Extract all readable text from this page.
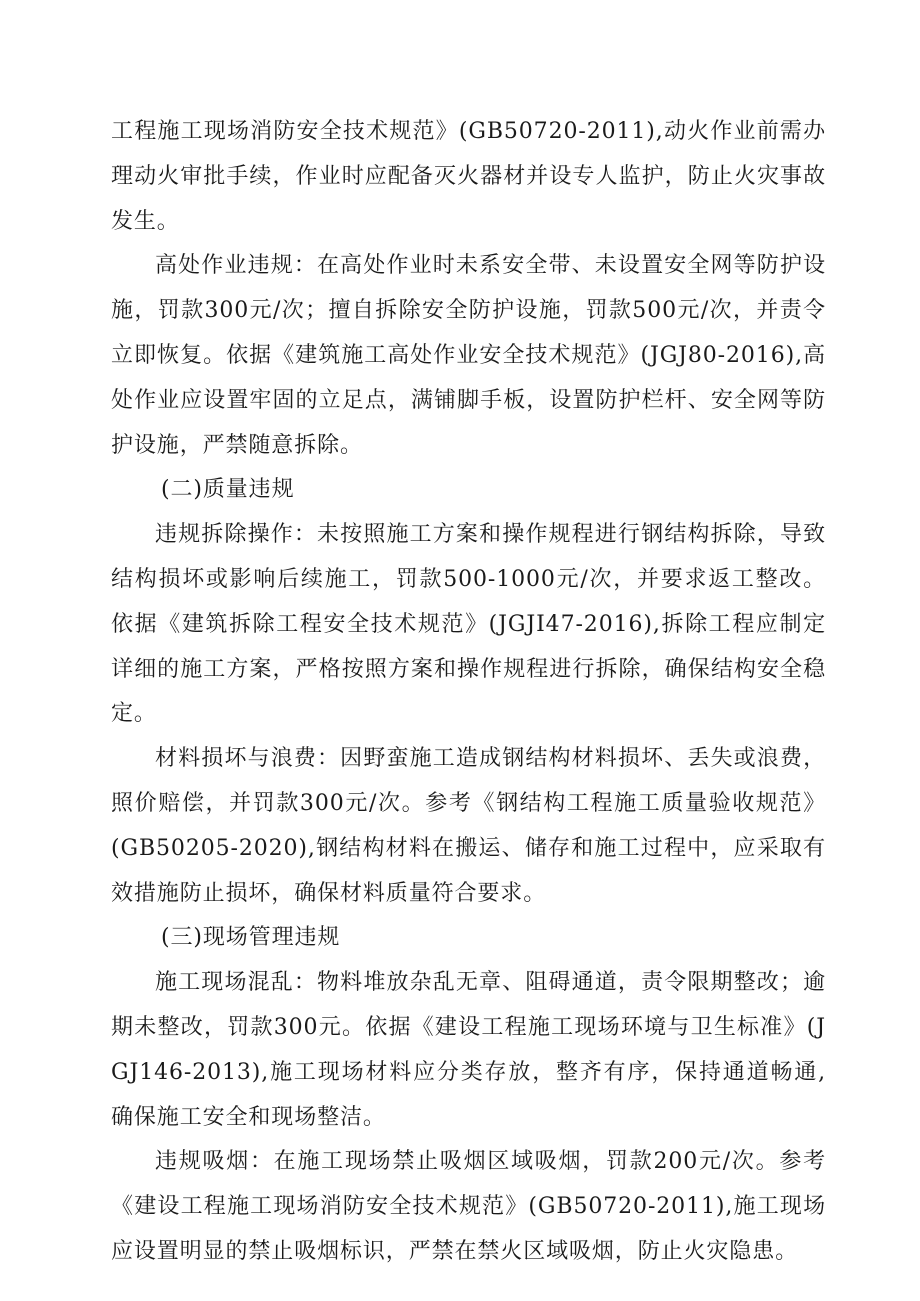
工程施工现场消防安全技术规范》(GB50720-2011),动火作业前需办理动火审批手续，作业时应配备灭火器材并设专人监护，防止火灾事故发生。

高处作业违规：在高处作业时未系安全带、未设置安全网等防护设施，罚款300元/次；擅自拆除安全防护设施，罚款500元/次，并责令立即恢复。依据《建筑施工高处作业安全技术规范》(JGJ80-2016),高处作业应设置牢固的立足点，满铺脚手板，设置防护栏杆、安全网等防护设施，严禁随意拆除。

(二)质量违规

违规拆除操作：未按照施工方案和操作规程进行钢结构拆除，导致结构损坏或影响后续施工，罚款500-1000元/次，并要求返工整改。依据《建筑拆除工程安全技术规范》(JGJI47-2016),拆除工程应制定详细的施工方案，严格按照方案和操作规程进行拆除，确保结构安全稳定。

材料损坏与浪费：因野蛮施工造成钢结构材料损坏、丢失或浪费，照价赔偿，并罚款300元/次。参考《钢结构工程施工质量验收规范》(GB50205-2020),钢结构材料在搬运、储存和施工过程中，应采取有效措施防止损坏，确保材料质量符合要求。

(三)现场管理违规

施工现场混乱：物料堆放杂乱无章、阻碍通道，责令限期整改；逾期未整改，罚款300元。依据《建设工程施工现场环境与卫生标准》(JGJ146-2013),施工现场材料应分类存放，整齐有序，保持通道畅通,确保施工安全和现场整洁。

违规吸烟：在施工现场禁止吸烟区域吸烟，罚款200元/次。参考《建设工程施工现场消防安全技术规范》(GB50720-2011),施工现场应设置明显的禁止吸烟标识，严禁在禁火区域吸烟，防止火灾隐患。
